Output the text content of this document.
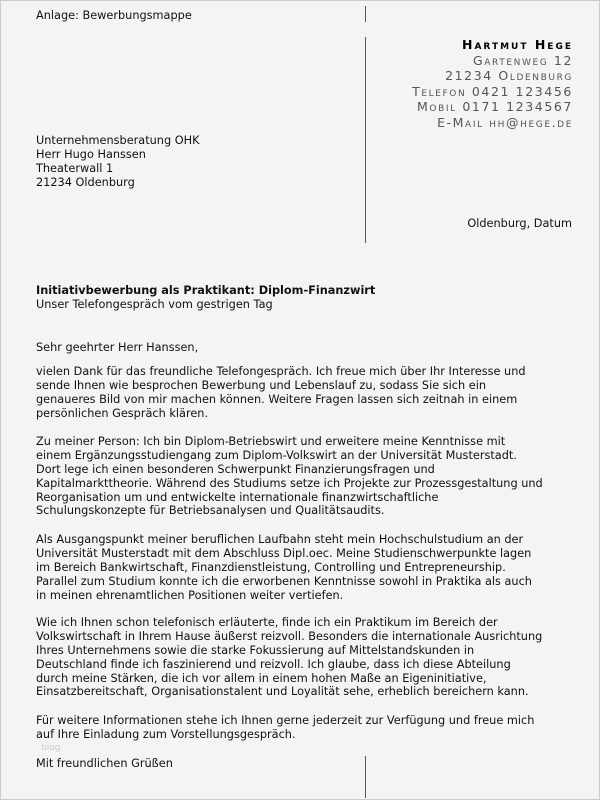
Anlage: Bewerbungsmappe
Hartmut Hege
Gartenweg 12
21234 Oldenburg
Telefon 0421 123456
Mobil 0171 1234567
E-Mail hh@hege.de
Unternehmensberatung OHK
Herr Hugo Hanssen
Theaterwall 1
21234 Oldenburg
Oldenburg, Datum
Initiativbewerbung als Praktikant: Diplom-Finanzwirt
Unser Telefongespräch vom gestrigen Tag
Sehr geehrter Herr Hanssen,
vielen Dank für das freundliche Telefongespräch. Ich freue mich über Ihr Interesse und
sende Ihnen wie besprochen Bewerbung und Lebenslauf zu, sodass Sie sich ein
genaueres Bild von mir machen können. Weitere Fragen lassen sich zeitnah in einem
persönlichen Gespräch klären.
Zu meiner Person: Ich bin Diplom-Betriebswirt und erweitere meine Kenntnisse mit
einem Ergänzungsstudiengang zum Diplom-Volkswirt an der Universität Musterstadt.
Dort lege ich einen besonderen Schwerpunkt Finanzierungsfragen und
Kapitalmarkttheorie. Während des Studiums setze ich Projekte zur Prozessgestaltung und
Reorganisation um und entwickelte internationale finanzwirtschaftliche
Schulungskonzepte für Betriebsanalysen und Qualitätsaudits.
Als Ausgangspunkt meiner beruflichen Laufbahn steht mein Hochschulstudium an der
Universität Musterstadt mit dem Abschluss Dipl.oec. Meine Studienschwerpunkte lagen
im Bereich Bankwirtschaft, Finanzdienstleistung, Controlling und Entrepreneurship.
Parallel zum Studium konnte ich die erworbenen Kenntnisse sowohl in Praktika als auch
in meinen ehrenamtlichen Positionen weiter vertiefen.
Wie ich Ihnen schon telefonisch erläuterte, finde ich ein Praktikum im Bereich der
Volkswirtschaft in Ihrem Hause äußerst reizvoll. Besonders die internationale Ausrichtung
Ihres Unternehmens sowie die starke Fokussierung auf Mittelstandskunden in
Deutschland finde ich faszinierend und reizvoll. Ich glaube, dass ich diese Abteilung
durch meine Stärken, die ich vor allem in einem hohen Maße an Eigeninitiative,
Einsatzbereitschaft, Organisationstalent und Loyalität sehe, erheblich bereichern kann.
Für weitere Informationen stehe ich Ihnen gerne jederzeit zur Verfügung und freue mich
auf Ihre Einladung zum Vorstellungsgespräch.
blog
Mit freundlichen Grüßen
